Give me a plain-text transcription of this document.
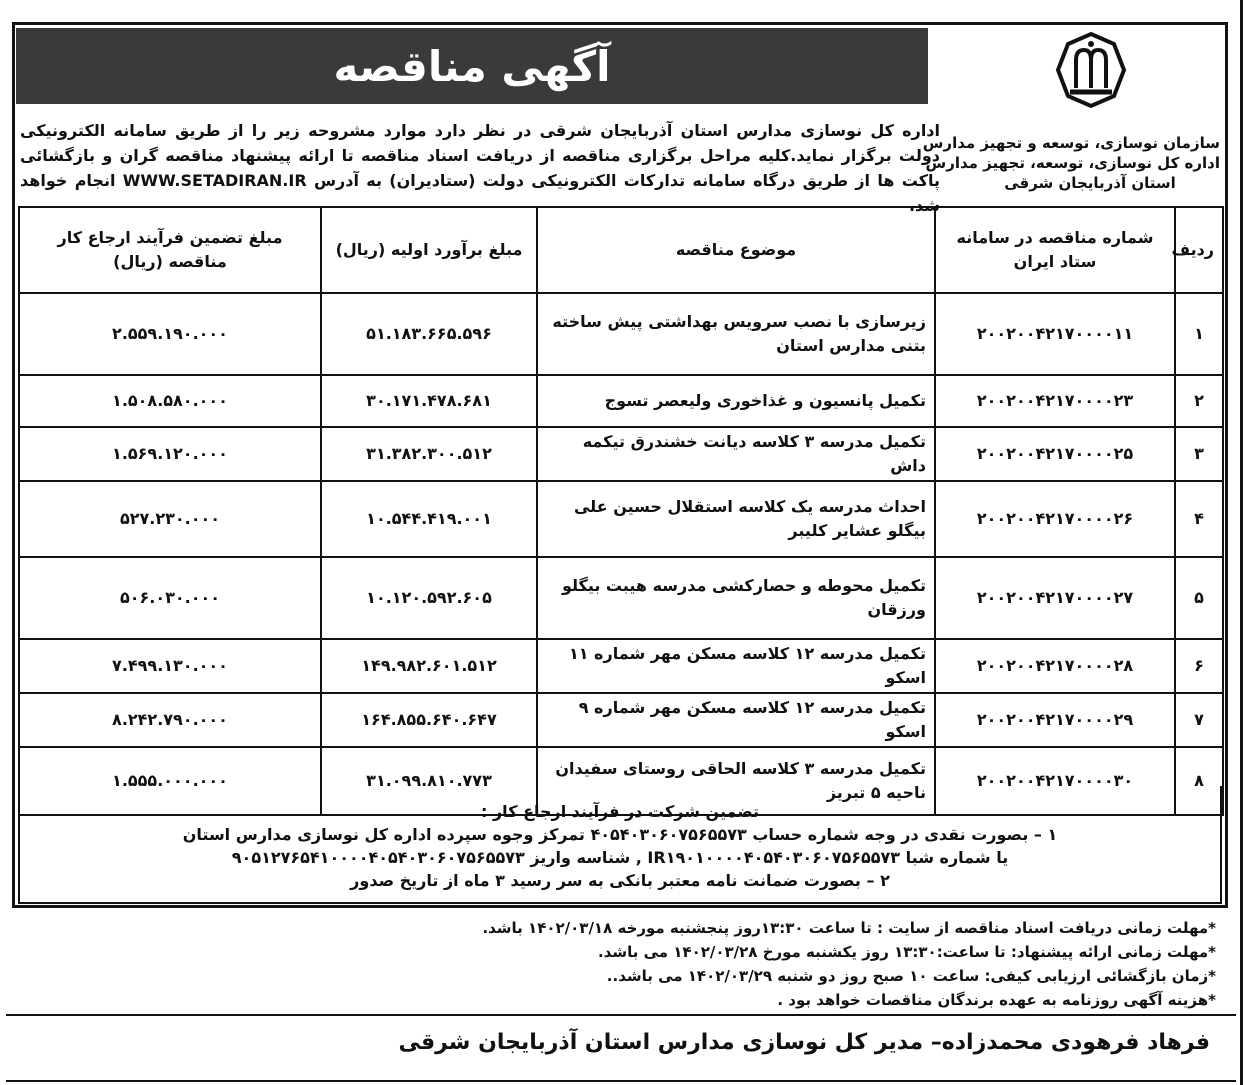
آگهی مناقصه
سازمان نوسازی، توسعه و تجهیز مدارس
اداره کل نوسازی، توسعه، تجهیز مدارس
استان آذربایجان شرقی
اداره کل نوسازی مدارس استان آذربایجان شرقی در نظر دارد موارد مشروحه زیر را از طریق سامانه الکترونیکی دولت برگزار نماید.کلیه مراحل برگزاری مناقصه از دریافت اسناد مناقصه تا ارائه پیشنهاد مناقصه گران و بازگشائی پاکت ها از طریق درگاه سامانه تدارکات الکترونیکی دولت (ستادیران) به آدرس WWW.SETADIRAN.IR انجام خواهد شد.
ردیف	شماره مناقصه در سامانه ستاد ایران	موضوع مناقصه	مبلغ برآورد اولیه (ریال)	مبلغ تضمین فرآیند ارجاع کار مناقصه (ریال)
۱	۲۰۰۲۰۰۴۲۱۷۰۰۰۰۱۱	زیرسازی با نصب سرویس بهداشتی پیش ساخته بتنی مدارس استان	۵۱.۱۸۳.۶۶۵.۵۹۶	۲.۵۵۹.۱۹۰.۰۰۰
۲	۲۰۰۲۰۰۴۲۱۷۰۰۰۰۲۳	تکمیل پانسیون و غذاخوری ولیعصر تسوج	۳۰.۱۷۱.۴۷۸.۶۸۱	۱.۵۰۸.۵۸۰.۰۰۰
۳	۲۰۰۲۰۰۴۲۱۷۰۰۰۰۲۵	تکمیل مدرسه ۳ کلاسه دیانت خشندرق تیکمه داش	۳۱.۳۸۲.۳۰۰.۵۱۲	۱.۵۶۹.۱۲۰.۰۰۰
۴	۲۰۰۲۰۰۴۲۱۷۰۰۰۰۲۶	احداث مدرسه یک کلاسه استقلال حسین علی بیگلو عشایر کلیبر	۱۰.۵۴۴.۴۱۹.۰۰۱	۵۲۷.۲۳۰.۰۰۰
۵	۲۰۰۲۰۰۴۲۱۷۰۰۰۰۲۷	تکمیل محوطه و حصارکشی مدرسه هیبت بیگلو ورزقان	۱۰.۱۲۰.۵۹۲.۶۰۵	۵۰۶.۰۳۰.۰۰۰
۶	۲۰۰۲۰۰۴۲۱۷۰۰۰۰۲۸	تکمیل مدرسه ۱۲ کلاسه مسکن مهر شماره ۱۱ اسکو	۱۴۹.۹۸۲.۶۰۱.۵۱۲	۷.۴۹۹.۱۳۰.۰۰۰
۷	۲۰۰۲۰۰۴۲۱۷۰۰۰۰۲۹	تکمیل مدرسه ۱۲ کلاسه مسکن مهر شماره ۹ اسکو	۱۶۴.۸۵۵.۶۴۰.۶۴۷	۸.۲۴۲.۷۹۰.۰۰۰
۸	۲۰۰۲۰۰۴۲۱۷۰۰۰۰۳۰	تکمیل مدرسه ۳ کلاسه الحاقی روستای سفیدان ناحیه ۵ تبریز	۳۱.۰۹۹.۸۱۰.۷۷۳	۱.۵۵۵.۰۰۰.۰۰۰
تضمین شرکت در فرآیند ارجاع کار :
۱ – بصورت نقدی در وجه شماره حساب ۴۰۵۴۰۳۰۶۰۷۵۶۵۵۷۳ تمرکز وجوه سپرده اداره کل نوسازی مدارس استان
یا شماره شبا IR۱۹۰۱۰۰۰۰۴۰۵۴۰۳۰۶۰۷۵۶۵۵۷۳ , شناسه واریز ۹۰۵۱۲۷۶۵۴۱۰۰۰۰۴۰۵۴۰۳۰۶۰۷۵۶۵۵۷۳
۲ – بصورت ضمانت نامه معتبر بانکی به سر رسید ۳ ماه از تاریخ صدور
*مهلت زمانی دریافت اسناد مناقصه از سایت : تا ساعت ۱۳:۳۰روز پنجشنبه مورخه ۱۴۰۲/۰۳/۱۸ باشد.
*مهلت زمانی ارائه پیشنهاد: تا ساعت:۱۳:۳۰ روز یکشنبه مورخ ۱۴۰۲/۰۳/۲۸ می باشد.
*زمان بازگشائی ارزیابی کیفی: ساعت ۱۰ صبح روز دو شنبه ۱۴۰۲/۰۳/۲۹ می باشد..
*هزینه آگهی روزنامه به عهده برندگان مناقصات خواهد بود .
فرهاد فرهودی محمدزاده– مدیر کل نوسازی مدارس استان آذربایجان شرقی
